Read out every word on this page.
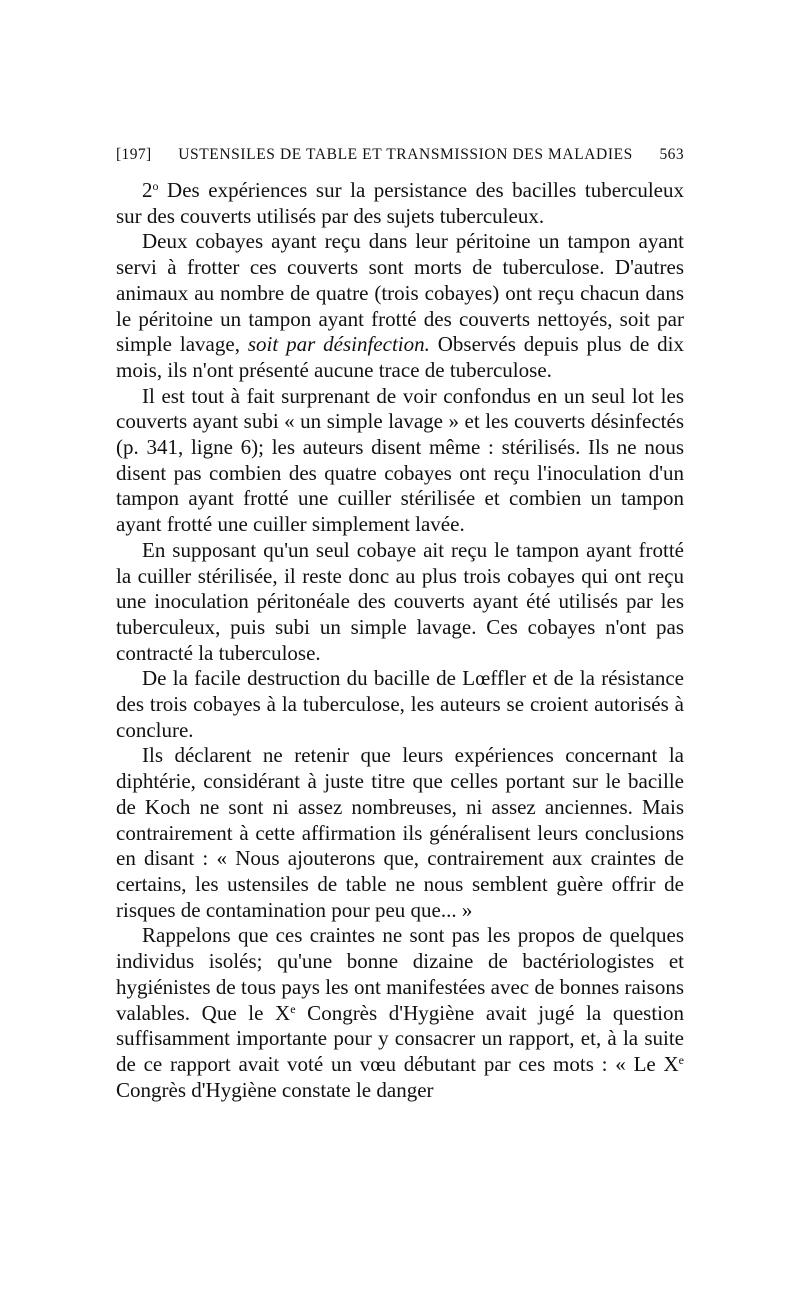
[197] USTENSILES DE TABLE ET TRANSMISSION DES MALADIES 563

2$^o$ Des expériences sur la persistance des bacilles tuberculeux sur des couverts utilisés par des sujets tuberculeux.

Deux cobayes ayant reçu dans leur péritoine un tampon ayant servi à frotter ces couverts sont morts de tuberculose. D'autres animaux au nombre de quatre (trois cobayes) ont reçu chacun dans le péritoine un tampon ayant frotté des couverts nettoyés, soit par simple lavage, soit par désinfection. Observés depuis plus de dix mois, ils n'ont présenté aucune trace de tuberculose.

Il est tout à fait surprenant de voir confondus en un seul lot les couverts ayant subi « un simple lavage » et les couverts désinfectés (p. 341, ligne 6); les auteurs disent même : stérilisés. Ils ne nous disent pas combien des quatre cobayes ont reçu l'inoculation d'un tampon ayant frotté une cuiller stérilisée et combien un tampon ayant frotté une cuiller simplement lavée.

En supposant qu'un seul cobaye ait reçu le tampon ayant frotté la cuiller stérilisée, il reste donc au plus trois cobayes qui ont reçu une inoculation péritonéale des couverts ayant été utilisés par les tuberculeux, puis subi un simple lavage. Ces cobayes n'ont pas contracté la tuberculose.

De la facile destruction du bacille de Lœffler et de la résistance des trois cobayes à la tuberculose, les auteurs se croient autorisés à conclure.

Ils déclarent ne retenir que leurs expériences concernant la diphtérie, considérant à juste titre que celles portant sur le bacille de Koch ne sont ni assez nombreuses, ni assez anciennes. Mais contrairement à cette affirmation ils généralisent leurs conclusions en disant : « Nous ajouterons que, contrairement aux craintes de certains, les ustensiles de table ne nous semblent guère offrir de risques de contamination pour peu que... »

Rappelons que ces craintes ne sont pas les propos de quelques individus isolés; qu'une bonne dizaine de bactériologistes et hygiénistes de tous pays les ont manifestées avec de bonnes raisons valables. Que le Xe Congrès d'Hygiène avait jugé la question suffisamment importante pour y consacrer un rapport, et, à la suite de ce rapport avait voté un vœu débutant par ces mots : « Le Xe Congrès d'Hygiène constate le danger
